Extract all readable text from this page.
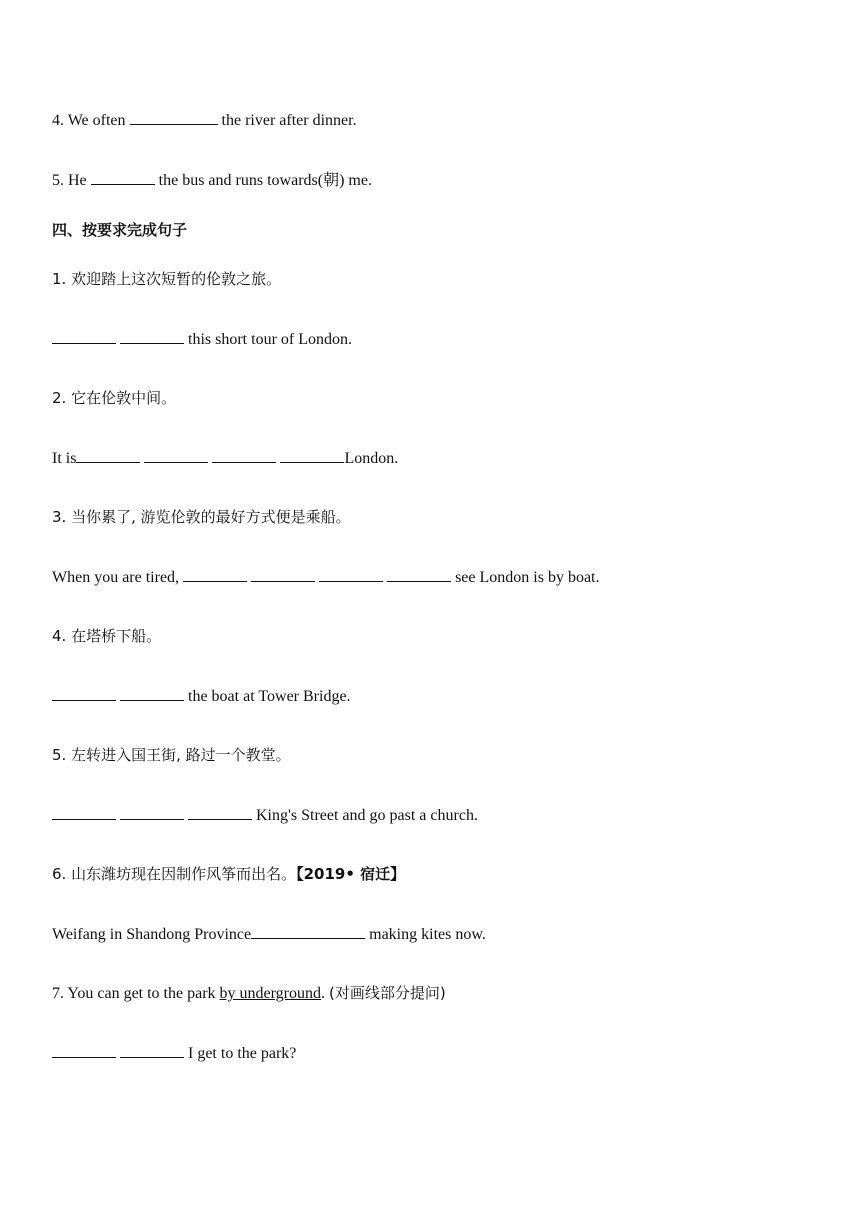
4. We often	the river after dinner.
5. He	the bus and runs towards(朝) me.
四、按要求完成句子
1. 欢迎踏上这次短暂的伦敦之旅。
this short tour of London.
2. 它在伦敦中间。
It is	London.
3. 当你累了, 游览伦敦的最好方式便是乘船。
When you are tired,	see London is by boat.
4. 在塔桥下船。
the boat at Tower Bridge.
5. 左转进入国王街, 路过一个教堂。
King's Street and go past a church.
6. 山东潍坊现在因制作风筝而出名。【2019• 宿迁】
Weifang in Shandong Province	making kites now.
7. You can get to the park by underground. (对画线部分提问)
I get to the park?
